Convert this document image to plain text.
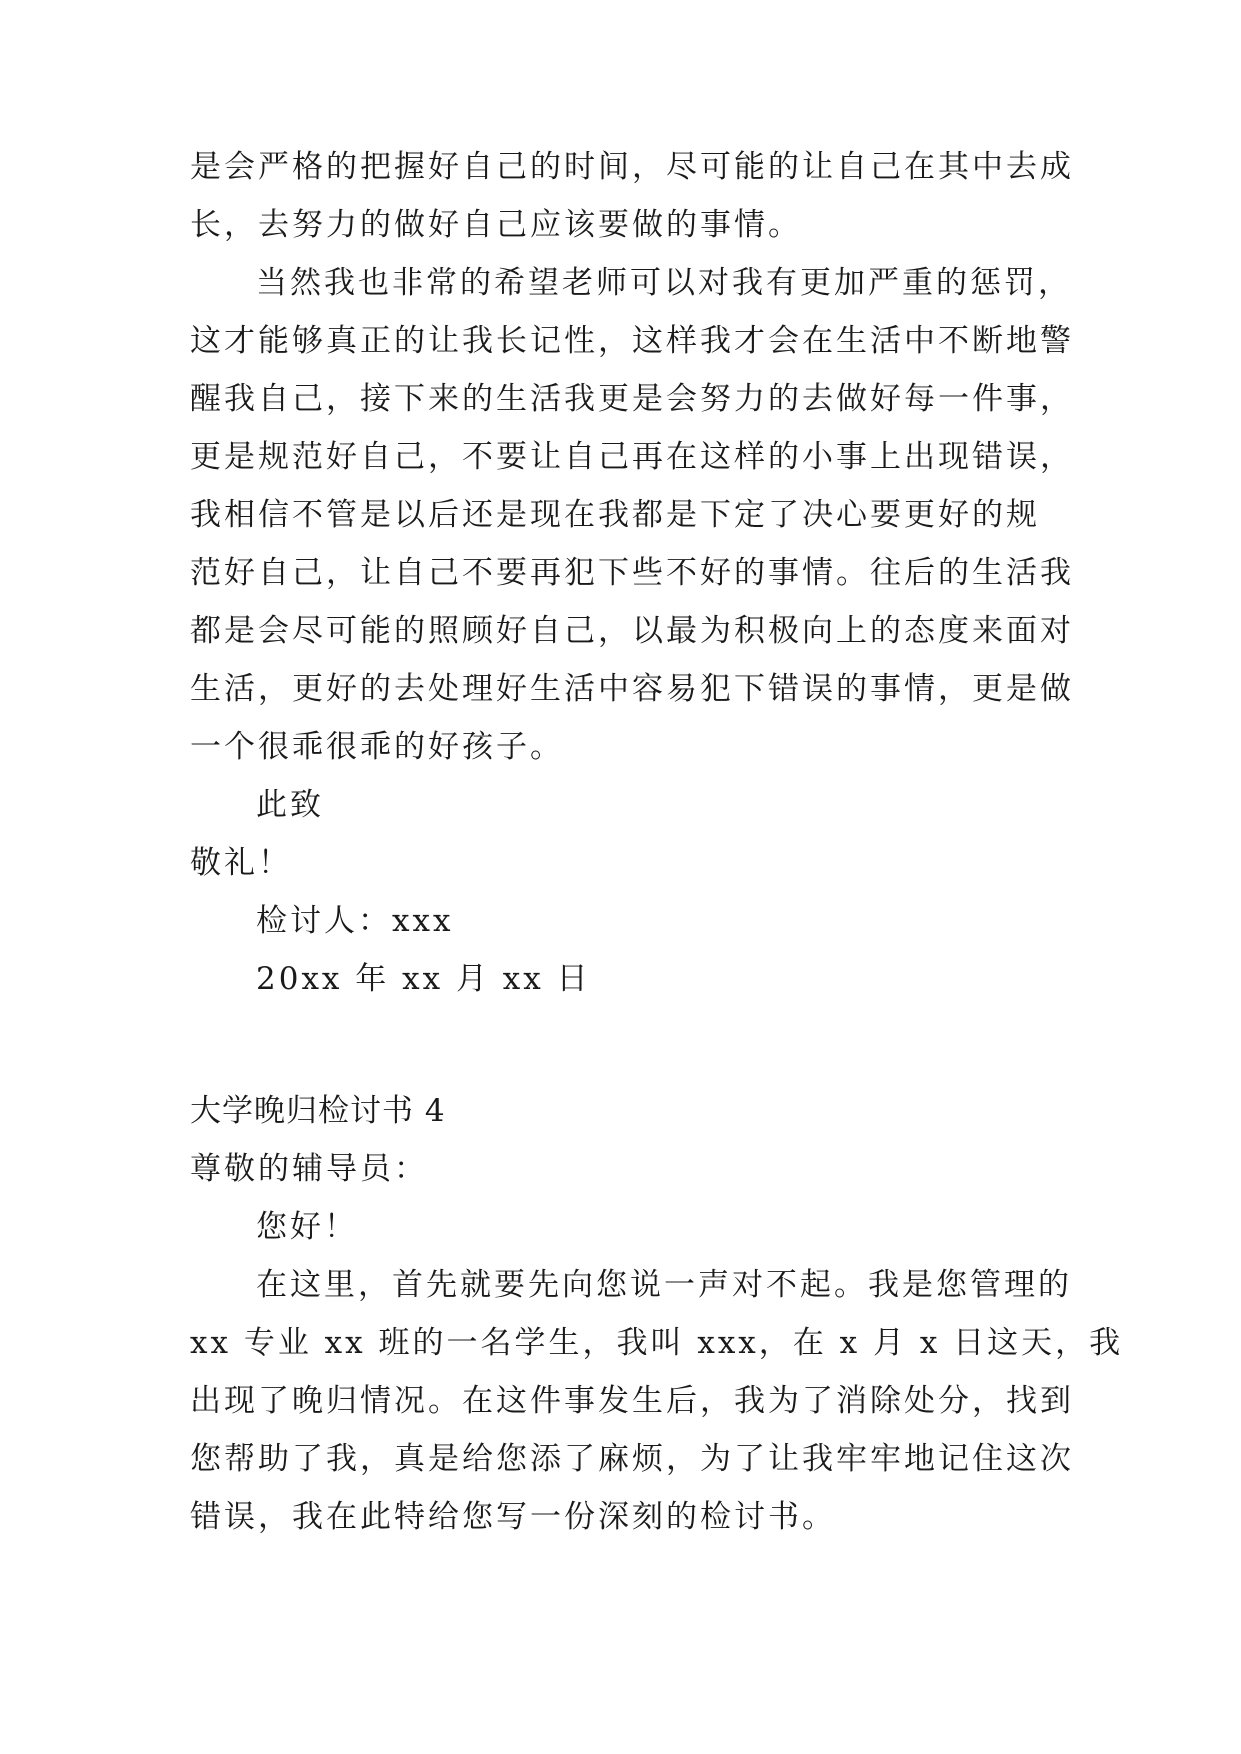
是会严格的把握好自己的时间，尽可能的让自己在其中去成
长，去努力的做好自己应该要做的事情。
当然我也非常的希望老师可以对我有更加严重的惩罚，
这才能够真正的让我长记性，这样我才会在生活中不断地警
醒我自己，接下来的生活我更是会努力的去做好每一件事，
更是规范好自己，不要让自己再在这样的小事上出现错误，
我相信不管是以后还是现在我都是下定了决心要更好的规
范好自己，让自己不要再犯下些不好的事情。往后的生活我
都是会尽可能的照顾好自己，以最为积极向上的态度来面对
生活，更好的去处理好生活中容易犯下错误的事情，更是做
一个很乖很乖的好孩子。
此致
敬礼！
检讨人：xxx
20xx 年 xx 月 xx 日
大学晚归检讨书 4
尊敬的辅导员：
您好！
在这里，首先就要先向您说一声对不起。我是您管理的
xx 专业 xx 班的一名学生，我叫 xxx，在 x 月 x 日这天，我
出现了晚归情况。在这件事发生后，我为了消除处分，找到
您帮助了我，真是给您添了麻烦，为了让我牢牢地记住这次
错误，我在此特给您写一份深刻的检讨书。
